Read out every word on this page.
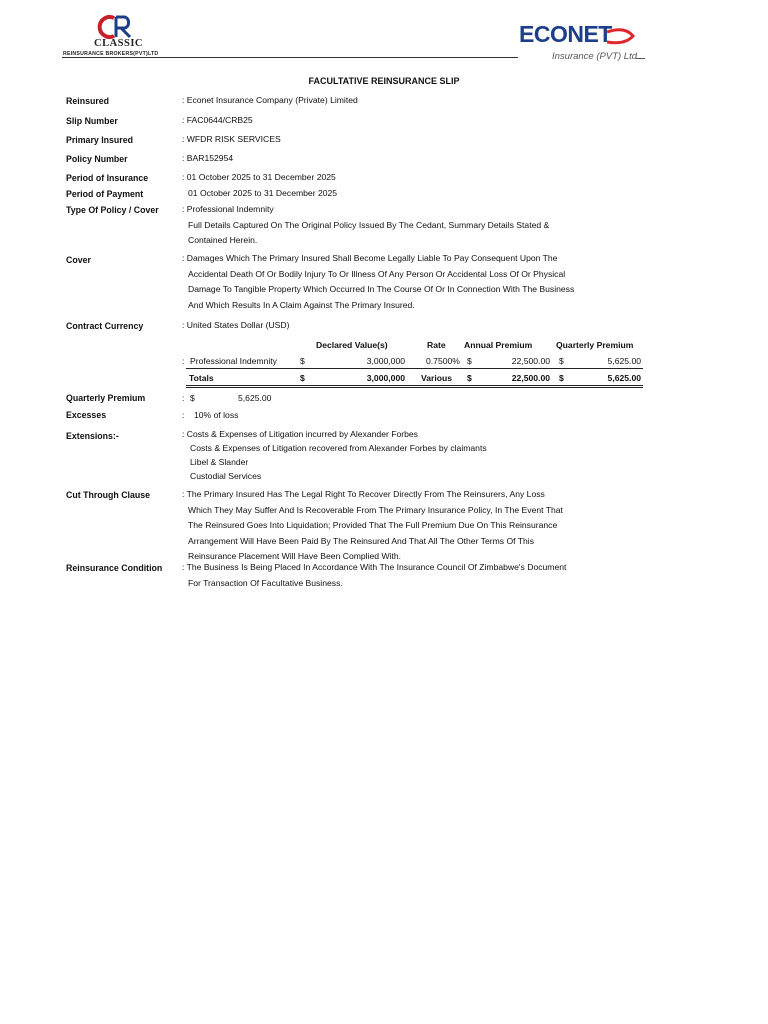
CLASSIC
REINSURANCE BROKERS(PVT)LTD
ECONET
Insurance (PVT) Ltd
FACULTATIVE REINSURANCE SLIP
Reinsured	: Econet Insurance Company (Private) Limited
Slip Number	: FAC0644/CRB25
Primary Insured	: WFDR RISK SERVICES
Policy Number	: BAR152954
Period of Insurance	: 01 October 2025 to 31 December 2025
Period of Payment	01 October 2025 to 31 December 2025
Type Of Policy / Cover	: Professional Indemnity
Full Details Captured On The Original Policy Issued By The Cedant, Summary Details Stated &
Contained Herein.
Cover	: Damages Which The Primary Insured Shall Become Legally Liable To Pay Consequent Upon The
Accidental Death Of Or Bodily Injury To Or Illness Of Any Person Or Accidental Loss Of Or Physical
Damage To Tangible Property Which Occurred In The Course Of Or In Connection With The Business
And Which Results In A Claim Against The Primary Insured.
Contract Currency	: United States Dollar (USD)
Declared Value(s)	Rate Annual Premium	Quarterly Premium
: Professional Indemnity	$	3,000,000 0.7500% $	22,500.00 $	5,625.00
Totals	$	3,000,000 Various $	22,500.00 $	5,625.00
Quarterly Premium	: $	5,625.00
Excesses	: 10% of loss
Extensions:-	: Costs & Expenses of Litigation incurred by Alexander Forbes
Costs & Expenses of Litigation recovered from Alexander Forbes by claimants
Libel & Slander
Custodial Services
Cut Through Clause	: The Primary Insured Has The Legal Right To Recover Directly From The Reinsurers, Any Loss
Which They May Suffer And Is Recoverable From The Primary Insurance Policy, In The Event That
The Reinsured Goes Into Liquidation; Provided That The Full Premium Due On This Reinsurance
Arrangement Will Have Been Paid By The Reinsured And That All The Other Terms Of This
Reinsurance Placement Will Have Been Complied With.
Reinsurance Condition : The Business Is Being Placed In Accordance With The Insurance Council Of Zimbabwe's Document
For Transaction Of Facultative Business.
